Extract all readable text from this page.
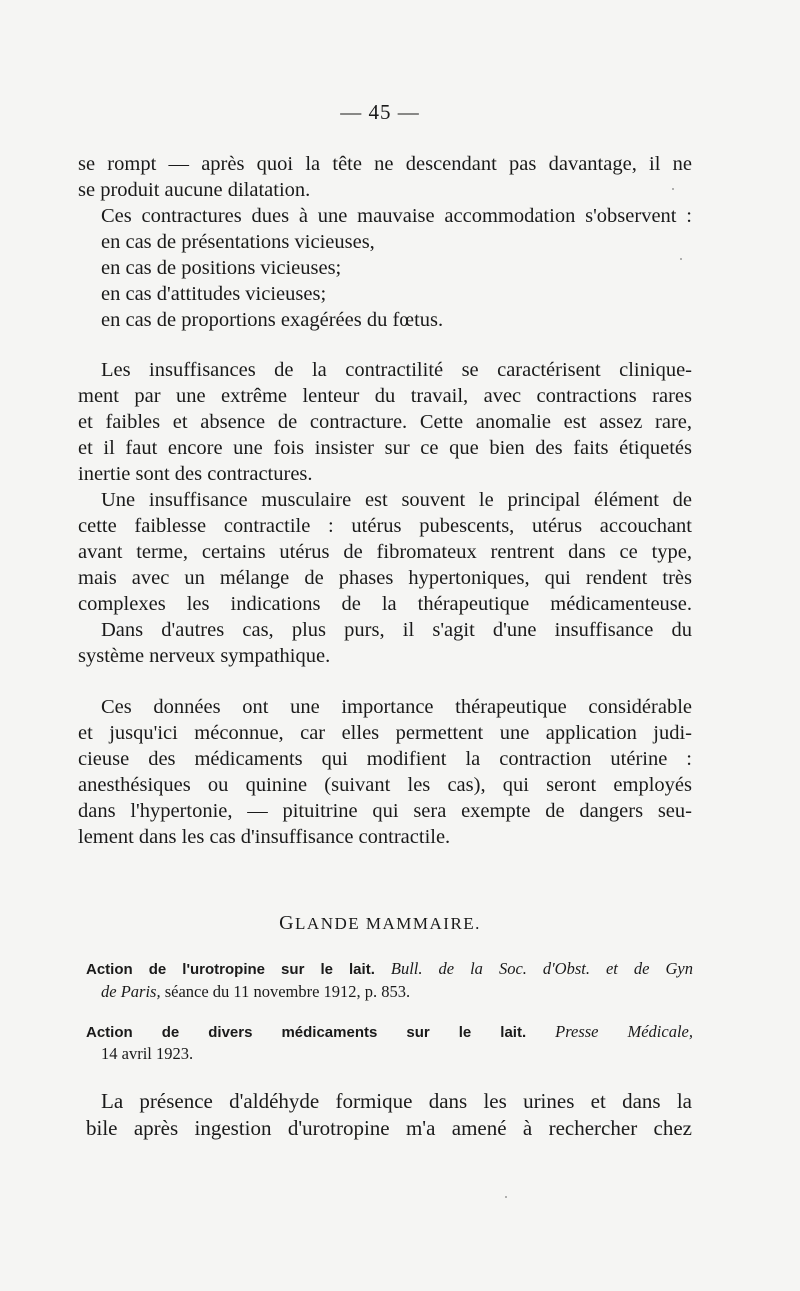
— 45 —
se rompt — après quoi la tête ne descendant pas davantage, il ne
se produit aucune dilatation.
Ces contractures dues à une mauvaise accommodation s'observent :
en cas de présentations vicieuses,
en cas de positions vicieuses;
en cas d'attitudes vicieuses;
en cas de proportions exagérées du fœtus.
Les insuffisances de la contractilité se caractérisent clinique-
ment par une extrême lenteur du travail, avec contractions rares
et faibles et absence de contracture. Cette anomalie est assez rare,
et il faut encore une fois insister sur ce que bien des faits étiquetés
inertie sont des contractures.
Une insuffisance musculaire est souvent le principal élément de
cette faiblesse contractile : utérus pubescents, utérus accouchant
avant terme, certains utérus de fibromateux rentrent dans ce type,
mais avec un mélange de phases hypertoniques, qui rendent très
complexes les indications de la thérapeutique médicamenteuse.
Dans d'autres cas, plus purs, il s'agit d'une insuffisance du
système nerveux sympathique.
Ces données ont une importance thérapeutique considérable
et jusqu'ici méconnue, car elles permettent une application judi-
cieuse des médicaments qui modifient la contraction utérine :
anesthésiques ou quinine (suivant les cas), qui seront employés
dans l'hypertonie, — pituitrine qui sera exempte de dangers seu-
lement dans les cas d'insuffisance contractile.
GLANDE MAMMAIRE.
Action de l'urotropine sur le lait. Bull. de la Soc. d'Obst. et de Gyn
de Paris, séance du 11 novembre 1912, p. 853.
Action de divers médicaments sur le lait. Presse Médicale,
14 avril 1923.
La présence d'aldéhyde formique dans les urines et dans la
bile après ingestion d'urotropine m'a amené à rechercher chez
